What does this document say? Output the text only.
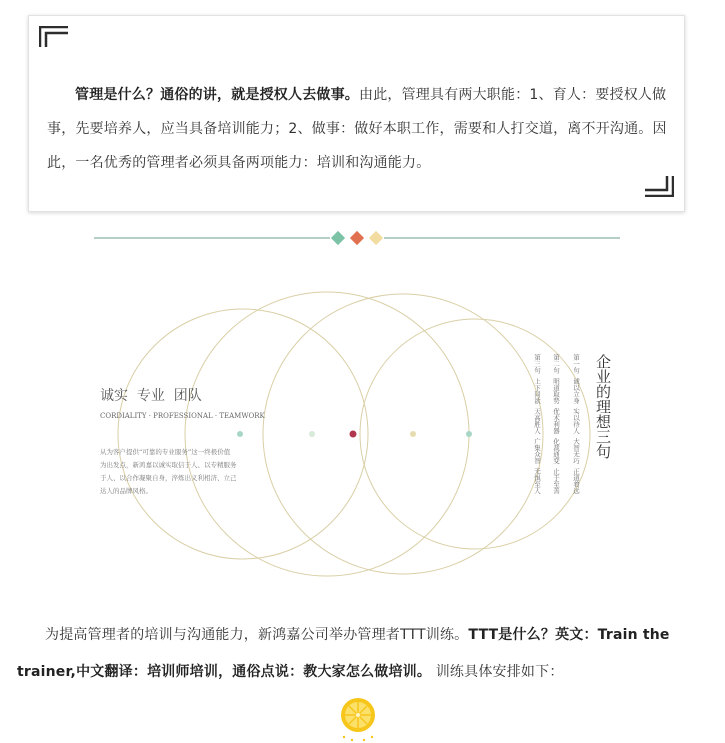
管理是什么？通俗的讲，就是授权人去做事。由此，管理具有两大职能：1、育人：要授权人做事，先要培养人，应当具备培训能力；2、做事：做好本职工作，需要和人打交道，离不开沟通。因此，一名优秀的管理者必须具备两项能力：培训和沟通能力。
诚实  专业  团队
CORDIALITY · PROFESSIONAL · TEAMWORK
从为客户提供“可靠的专业服务”这一终极价值
为出发点，新鸿嘉以诚实取信于人、以专精服务
于人、以合作凝聚自身，淬炼出义利相济、立己
达人的品牌风格。
企业的理想三句
第一句  诚以立身  实以待人  大智无巧  正道着远
第二句  明道取势  优术利器  化裁通变  止于至善
第三句  上下同欲  天高胜人  广集众智  无惧至人
为提高管理者的培训与沟通能力，新鸿嘉公司举办管理者TTT训练。TTT是什么？英文：Train the trainer,中文翻译：培训师培训，通俗点说：教大家怎么做培训。 训练具体安排如下：
